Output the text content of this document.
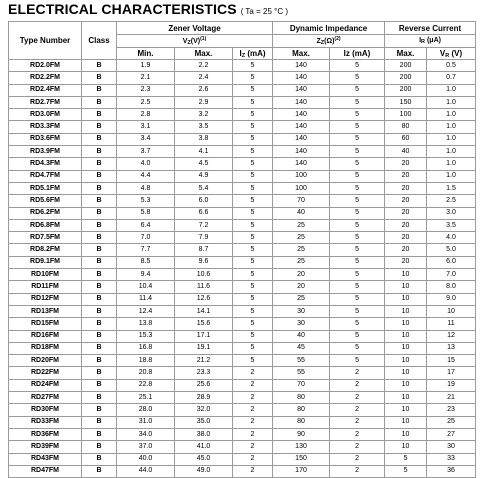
ELECTRICAL CHARACTERISTICS ( Ta = 25 °C )
Type Number	Class	Zener Voltage			Dynamic Impedance		Reverse Current	
		$VZ(V)^{(1)}$			$ZZ(\Omega)^{(2)}$		IR (μA)	
		Min.	Max.	IZ (mA)	Max.	Iz (mA)	Max.	VR (V)
RD2.0FM	B	1.9	2.2	5	140	5	200	0.5
RD2.2FM	B	2.1	2.4	5	140	5	200	0.7
RD2.4FM	B	2.3	2.6	5	140	5	200	1.0
RD2.7FM	B	2.5	2.9	5	140	5	150	1.0
RD3.0FM	B	2.8	3.2	5	140	5	100	1.0
RD3.3FM	B	3.1	3.5	5	140	5	80	1.0
RD3.6FM	B	3.4	3.8	5	140	5	60	1.0
RD3.9FM	B	3.7	4.1	5	140	5	40	1.0
RD4.3FM	B	4.0	4.5	5	140	5	20	1.0
RD4.7FM	B	4.4	4.9	5	100	5	20	1.0
RD5.1FM	B	4.8	5.4	5	100	5	20	1.5
RD5.6FM	B	5.3	6.0	5	70	5	20	2.5
RD6.2FM	B	5.8	6.6	5	40	5	20	3.0
RD6.8FM	B	6.4	7.2	5	25	5	20	3.5
RD7.5FM	B	7.0	7.9	5	25	5	20	4.0
RD8.2FM	B	7.7	8.7	5	25	5	20	5.0
RD9.1FM	B	8.5	9.6	5	25	5	20	6.0
RD10FM	B	9.4	10.6	5	20	5	10	7.0
RD11FM	B	10.4	11.6	5	20	5	10	8.0
RD12FM	B	11.4	12.6	5	25	5	10	9.0
RD13FM	B	12.4	14.1	5	30	5	10	10
RD15FM	B	13.8	15.6	5	30	5	10	11
RD16FM	B	15.3	17.1	5	40	5	10	12
RD18FM	B	16.8	19.1	5	45	5	10	13
RD20FM	B	18.8	21.2	5	55	5	10	15
RD22FM	B	20.8	23.3	2	55	2	10	17
RD24FM	B	22.8	25.6	2	70	2	10	19
RD27FM	B	25.1	28.9	2	80	2	10	21
RD30FM	B	28.0	32.0	2	80	2	10	23
RD33FM	B	31.0	35.0	2	80	2	10	25
RD36FM	B	34.0	38.0	2	90	2	10	27
RD39FM	B	37.0	41.0	2	130	2	10	30
RD43FM	B	40.0	45.0	2	150	2	5	33
RD47FM	B	44.0	49.0	2	170	2	5	36
